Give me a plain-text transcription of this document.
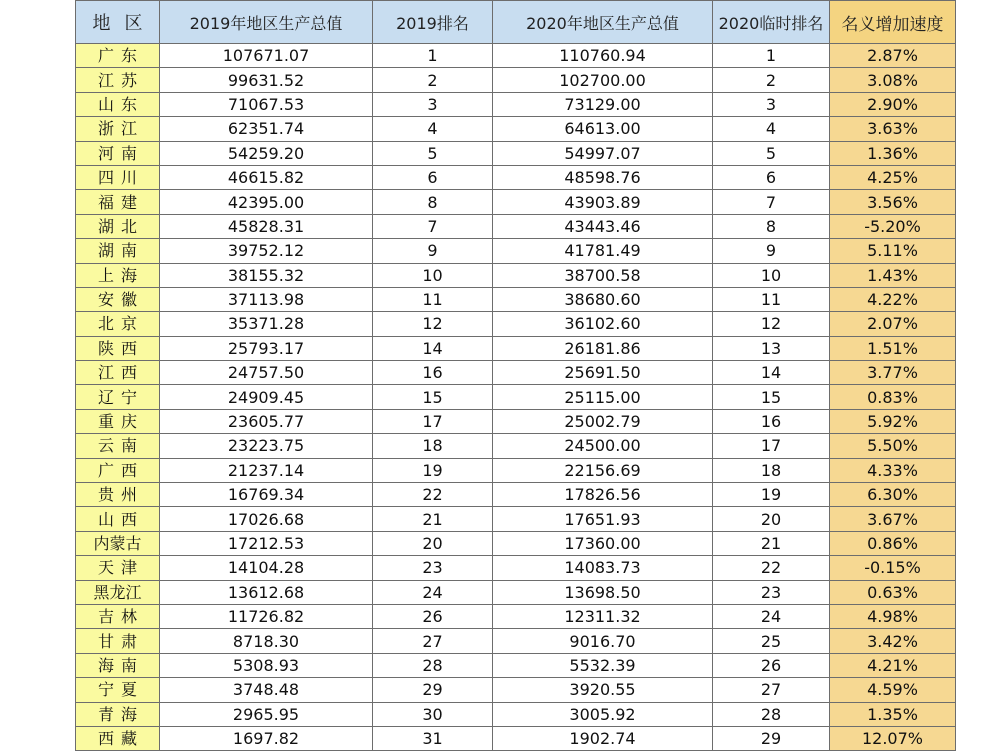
地区	2019年地区生产总值	2019排名	2020年地区生产总值	2020临时排名	名义增加速度
广东	107671.07	1	110760.94	1	2.87%
江苏	99631.52	2	102700.00	2	3.08%
山东	71067.53	3	73129.00	3	2.90%
浙江	62351.74	4	64613.00	4	3.63%
河南	54259.20	5	54997.07	5	1.36%
四川	46615.82	6	48598.76	6	4.25%
福建	42395.00	8	43903.89	7	3.56%
湖北	45828.31	7	43443.46	8	-5.20%
湖南	39752.12	9	41781.49	9	5.11%
上海	38155.32	10	38700.58	10	1.43%
安徽	37113.98	11	38680.60	11	4.22%
北京	35371.28	12	36102.60	12	2.07%
陕西	25793.17	14	26181.86	13	1.51%
江西	24757.50	16	25691.50	14	3.77%
辽宁	24909.45	15	25115.00	15	0.83%
重庆	23605.77	17	25002.79	16	5.92%
云南	23223.75	18	24500.00	17	5.50%
广西	21237.14	19	22156.69	18	4.33%
贵州	16769.34	22	17826.56	19	6.30%
山西	17026.68	21	17651.93	20	3.67%
内蒙古	17212.53	20	17360.00	21	0.86%
天津	14104.28	23	14083.73	22	-0.15%
黑龙江	13612.68	24	13698.50	23	0.63%
吉林	11726.82	26	12311.32	24	4.98%
甘肃	8718.30	27	9016.70	25	3.42%
海南	5308.93	28	5532.39	26	4.21%
宁夏	3748.48	29	3920.55	27	4.59%
青海	2965.95	30	3005.92	28	1.35%
西藏	1697.82	31	1902.74	29	12.07%
